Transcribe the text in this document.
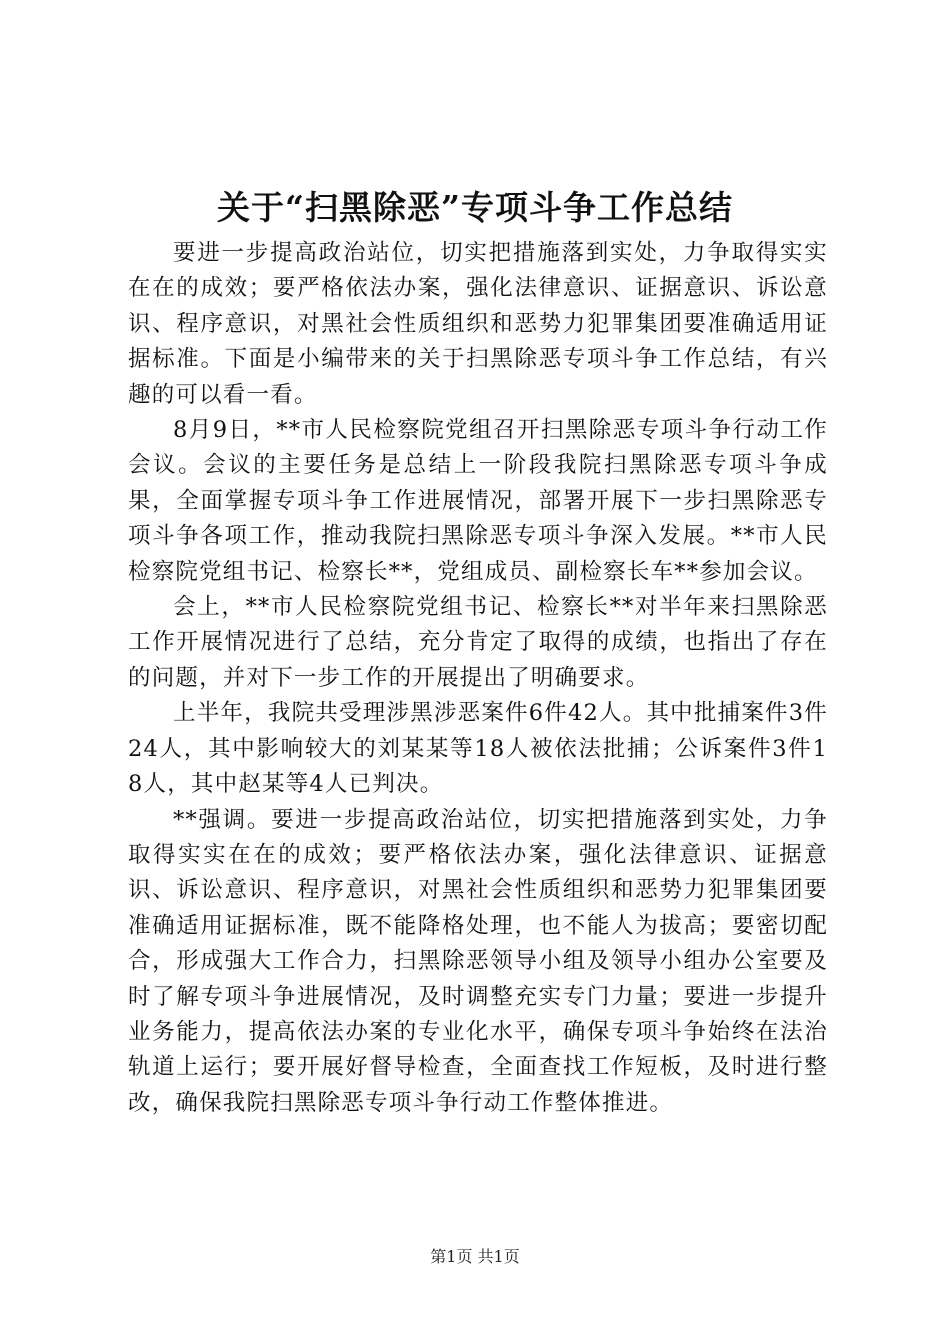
关于“扫黑除恶”专项斗争工作总结

要进一步提高政治站位，切实把措施落到实处，力争取得实实在在的成效；要严格依法办案，强化法律意识、证据意识、诉讼意识、程序意识，对黑社会性质组织和恶势力犯罪集团要准确适用证据标准。下面是小编带来的关于扫黑除恶专项斗争工作总结，有兴趣的可以看一看。

8月9日，**市人民检察院党组召开扫黑除恶专项斗争行动工作会议。会议的主要任务是总结上一阶段我院扫黑除恶专项斗争成果，全面掌握专项斗争工作进展情况，部署开展下一步扫黑除恶专项斗争各项工作，推动我院扫黑除恶专项斗争深入发展。**市人民检察院党组书记、检察长**，党组成员、副检察长车**参加会议。

会上，**市人民检察院党组书记、检察长**对半年来扫黑除恶工作开展情况进行了总结，充分肯定了取得的成绩，也指出了存在的问题，并对下一步工作的开展提出了明确要求。

上半年，我院共受理涉黑涉恶案件6件42人。其中批捕案件3件24人，其中影响较大的刘某某等18人被依法批捕；公诉案件3件18人，其中赵某等4人已判决。

**强调。要进一步提高政治站位，切实把措施落到实处，力争取得实实在在的成效；要严格依法办案，强化法律意识、证据意识、诉讼意识、程序意识，对黑社会性质组织和恶势力犯罪集团要准确适用证据标准，既不能降格处理，也不能人为拔高；要密切配合，形成强大工作合力，扫黑除恶领导小组及领导小组办公室要及时了解专项斗争进展情况，及时调整充实专门力量；要进一步提升业务能力，提高依法办案的专业化水平，确保专项斗争始终在法治轨道上运行；要开展好督导检查，全面查找工作短板，及时进行整改，确保我院扫黑除恶专项斗争行动工作整体推进。

第1页 共1页
